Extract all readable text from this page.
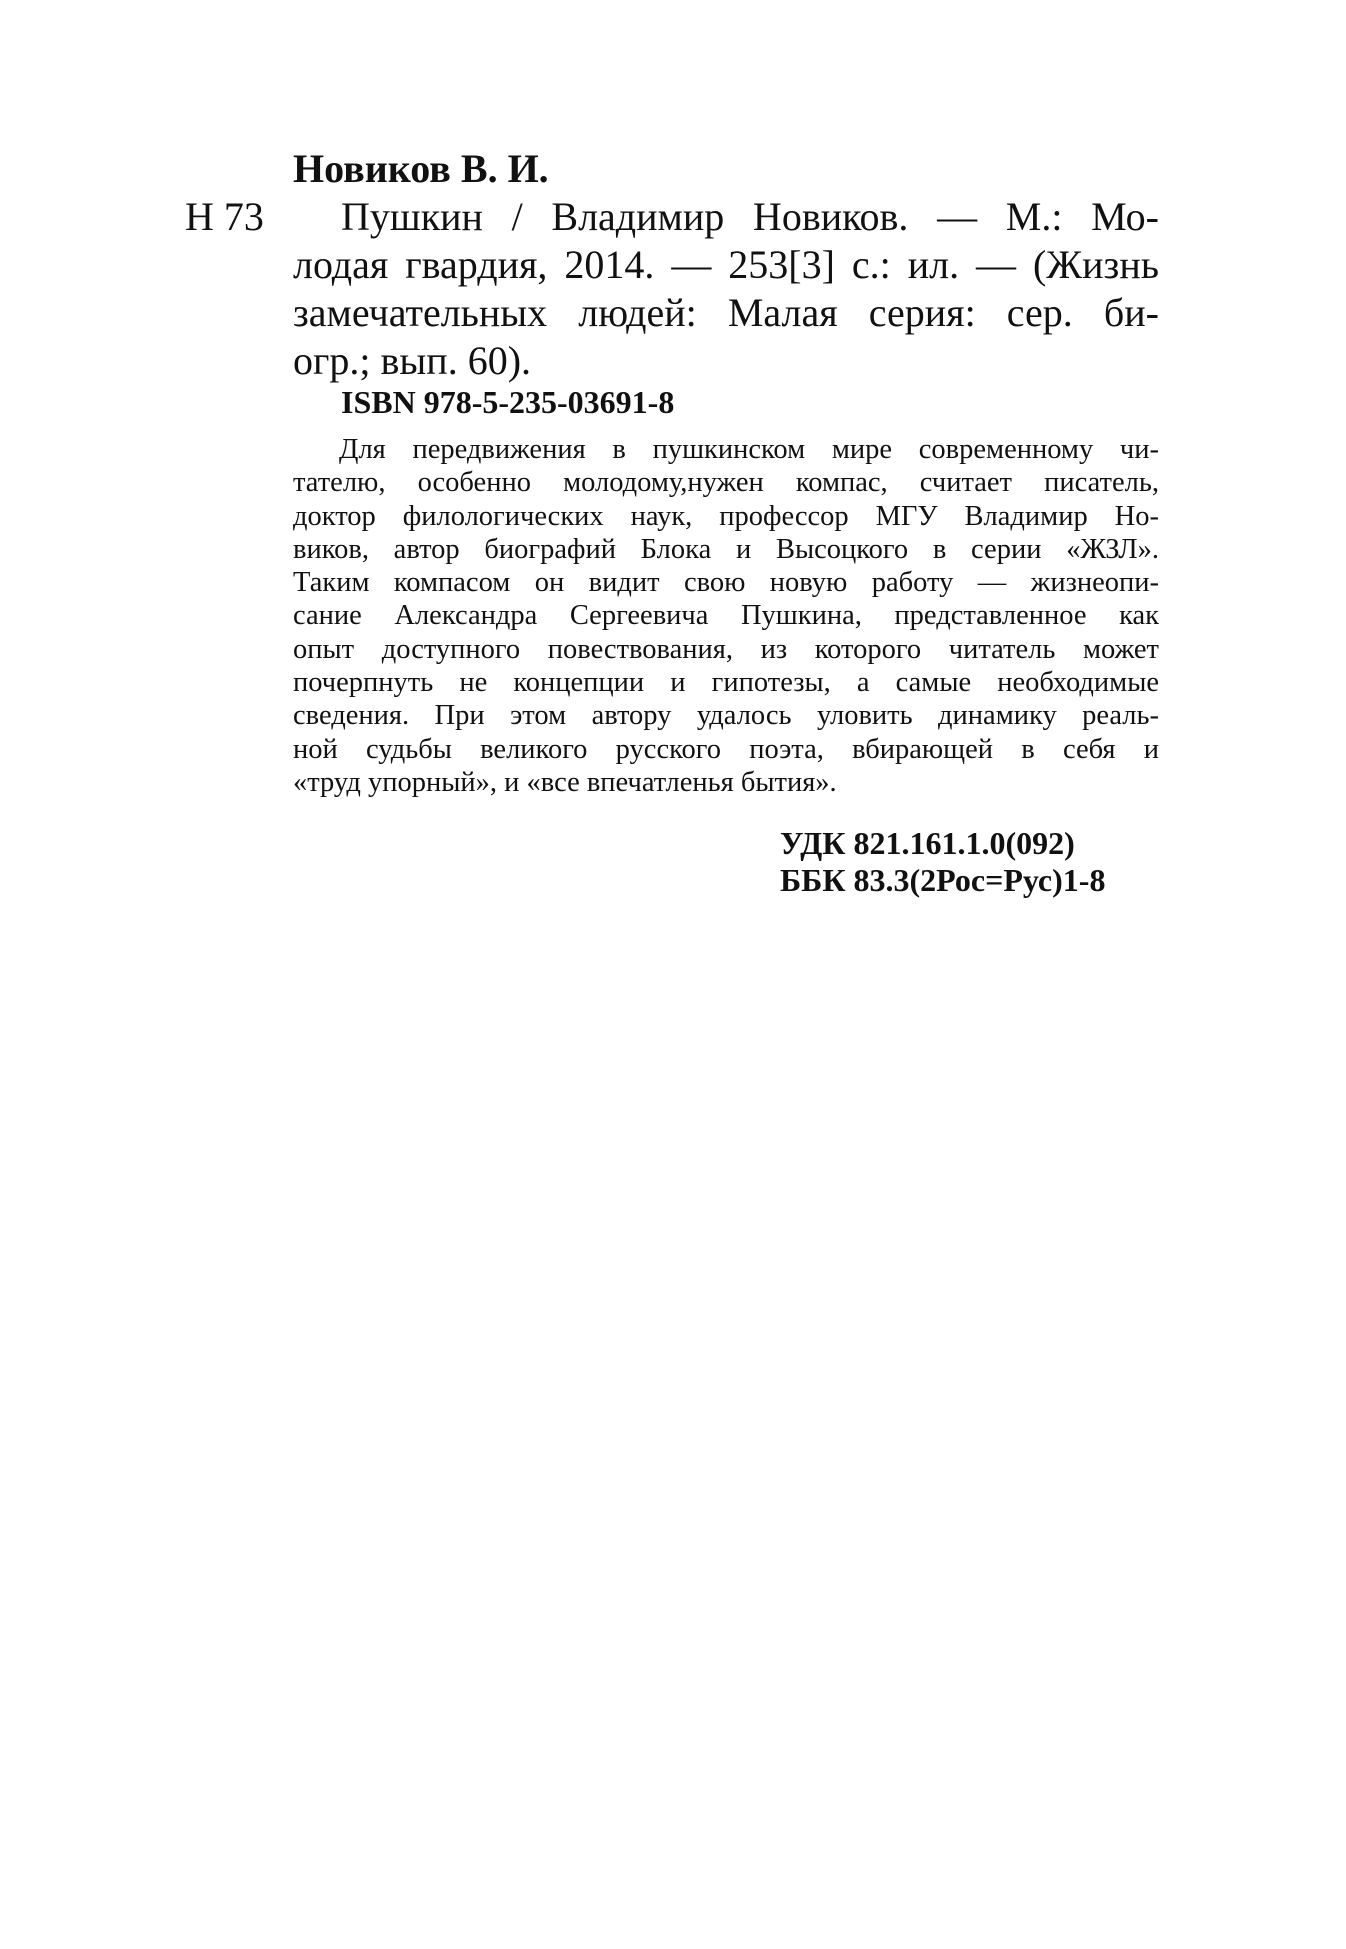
Новиков В. И.
Н 73	Пушкин / Владимир Новиков. — М.: Мо-
лодая гвардия, 2014. — 253[3] с.: ил. — (Жизнь
замечательных людей: Малая серия: сер. би-
огр.; вып. 60).
ISBN 978-5-235-03691-8
Для передвижения в пушкинском мире современному чи-
тателю, особенно молодому,нужен компас, считает писатель,
доктор филологических наук, профессор МГУ Владимир Но-
виков, автор биографий Блока и Высоцкого в серии «ЖЗЛ».
Таким компасом он видит свою новую работу — жизнеопи-
сание Александра Сергеевича Пушкина, представленное как
опыт доступного повествования, из которого читатель может
почерпнуть не концепции и гипотезы, а самые необходимые
сведения. При этом автору удалось уловить динамику реаль-
ной судьбы великого русского поэта, вбирающей в себя и
«труд упорный», и «все впечатленья бытия».
УДК 821.161.1.0(092)
ББК 83.3(2Рос=Рус)1-8
